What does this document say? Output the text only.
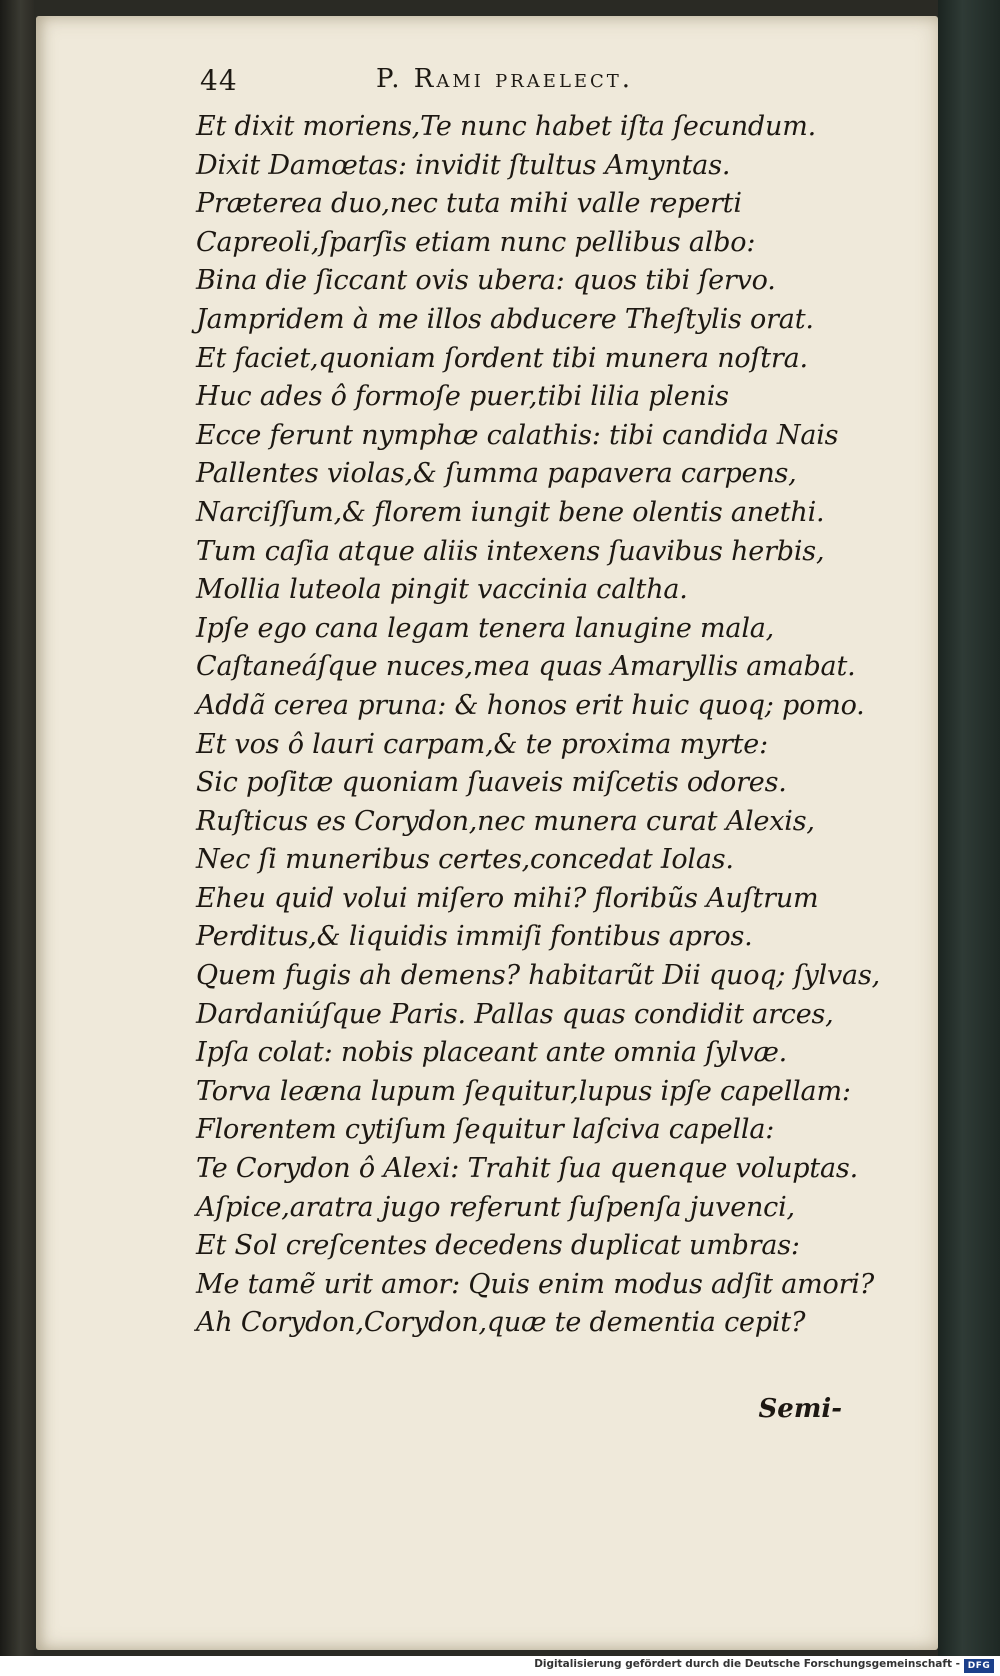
44	P. Rami praelect.
Et dixit moriens,Te nunc habet iſta ſecundum.
Dixit Damœtas: invidit ſtultus Amyntas.
Præterea duo,nec tuta mihi valle reperti
Capreoli,ſparſis etiam nunc pellibus albo:
Bina die ſiccant ovis ubera: quos tibi ſervo.
Jampridem à me illos abducere Theſtylis orat.
Et faciet,quoniam ſordent tibi munera noſtra.
Huc ades ô formoſe puer,tibi lilia plenis
Ecce ferunt nymphæ calathis: tibi candida Nais
Pallentes violas,& ſumma papavera carpens,
Narciſſum,& florem iungit bene olentis anethi.
Tum caſia atque aliis intexens ſuavibus herbis,
Mollia luteola pingit vaccinia caltha.
Ipſe ego cana legam tenera lanugine mala,
Caſtaneáſque nuces,mea quas Amaryllis amabat.
Addã cerea pruna: & honos erit huic quoq; pomo.
Et vos ô lauri carpam,& te proxima myrte:
Sic poſitæ quoniam ſuaveis miſcetis odores.
Ruſticus es Corydon,nec munera curat Alexis,
Nec ſi muneribus certes,concedat Iolas.
Eheu quid volui miſero mihi? floribũs Auſtrum
Perditus,& liquidis immiſi fontibus apros.
Quem fugis ah demens? habitarũt Dii quoq; ſylvas,
Dardaniúſque Paris. Pallas quas condidit arces,
Ipſa colat: nobis placeant ante omnia ſylvæ.
Torva leæna lupum ſequitur,lupus ipſe capellam:
Florentem cytiſum ſequitur laſciva capella:
Te Corydon ô Alexi: Trahit ſua quenque voluptas.
Aſpice,aratra jugo referunt ſuſpenſa juvenci,
Et Sol creſcentes decedens duplicat umbras:
Me tamẽ urit amor: Quis enim modus adſit amori?
Ah Corydon,Corydon,quæ te dementia cepit?
Semi-
Digitalisierung gefördert durch die Deutsche Forschungsgemeinschaft - DFG
